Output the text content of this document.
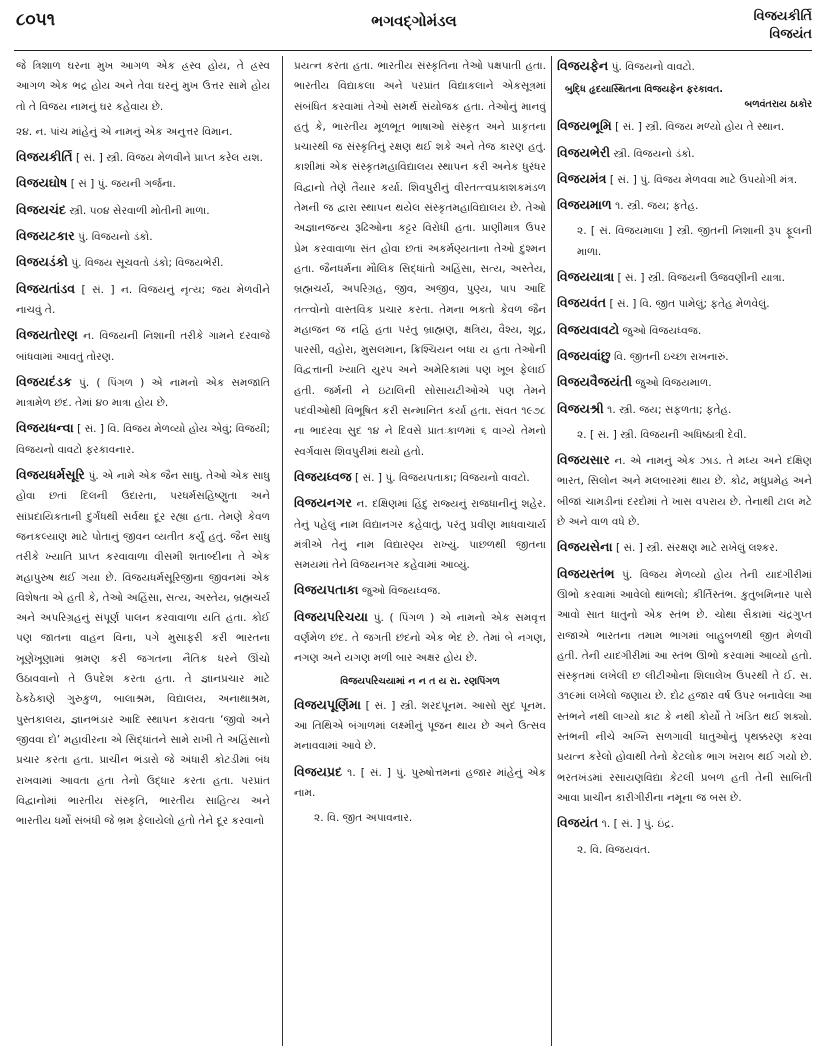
૮૦૫૧	ભગવદ્ગોમંડલ	વિજયકીર્તિ
વિજયંત
જે ત્રિશાળ ઘરના મુખ આગળ એક હ્રસ્વ હોય, તે હ્રસ્વ આગળ એક ભદ્ર હોય અને તેવા ઘરનું મુખ ઉત્તર સામે હોય તો તે વિજય નામનું ઘર કહેવાય છે.
૨૪. ન. પાંચ માંહેનું એ નામનું એક અનુત્તર વિમાન.
વિજયકીર્તિ [ સં. ] સ્ત્રી. વિજય મેળવીને પ્રાપ્ત કરેલ યશ.
વિજયઘોષ [ સં ] પું. જયની ગર્જના.
વિજયચંદ સ્ત્રી. ૫૦૪ સેરવાળી મોતીની માળા.
વિજયટકાર પું. વિજયનો ડંકો.
વિજયડંકો પું. વિજય સૂચવતો ડંકો; વિજયભેરી.
વિજયતાંડવ [ સં. ] ન. વિજયનું નૃત્ય; જય મેળવીને નાચવું તે.
વિજયતોરણ ન. વિજયની નિશાની તરીકે ગામને દરવાજે બાંધવામાં આવતું તોરણ.
વિજયદંડક પું. ( પિંગળ ) એ નામનો એક સમજાતિ માત્રામેળ છંદ. તેમાં ૪૦ માત્રા હોય છે.
વિજયધન્વા [ સં. ] વિ. વિજય મેળવ્યો હોય એવું; વિજયી; વિજયનો વાવટો ફરકાવનાર.
વિજયધર્મસૂરિ પું. એ નામે એક જૈન સાધુ. તેઓ એક સાધુ હોવા છતાં દિલની ઉદારતા, પરધર્મસહિષ્ણુતા અને સાંપ્રદાયિકતાની દુર્ગંધથી સર્વથા દૂર રહ્યા હતા. તેમણે કેવળ જનકલ્યાણ માટે પોતાનું જીવન વ્યતીત કર્યું હતું. જૈન સાધુ તરીકે ખ્યાતિ પ્રાપ્ત કરવાવાળા વીસમી શતાબ્દીના તે એક મહાપુરુષ થઈ ગયા છે. વિજયધર્મસૂરિજીના જીવનમાં એક વિશેષતા એ હતી કે, તેઓ અહિંસા, સત્ય, અસ્તેય, બ્રહ્મચર્ય અને અપરિગ્રહનું સંપૂર્ણ પાલન કરવાવાળા યતિ હતા. કોઈ પણ જાતના વાહન વિના, પગે મુસાફરી કરી ભારતના ખૂણેખૂણામાં ભ્રમણ કરી જગતના નૈતિક ધરને ઊંચો ઉઠાવવાનો તે ઉપદેશ કરતા હતા. તે જ્ઞાનપ્રચાર માટે ઠેકઠેકાણે ગુરુકુળ, બાલાશ્રમ, વિદ્યાલય, અનાથાશ્રમ, પુસ્તકાલય, જ્ઞાનભંડાર આદિ સ્થાપન કરાવતા ‘જીવો અને જીવવા દો’ મહાવીરના એ સિદ્ધાંતને સામે રાખી તે અહિંસાનો પ્રચાર કરતા હતા. પ્રાચીન ભંડારો જે અંધારી કોટડીમાં બંધ રાખવામાં આવતા હતા તેનો ઉદ્ધાર કરતા હતા. પરપ્રાંત વિદ્વાનોમાં ભારતીય સંસ્કૃતિ, ભારતીય સાહિત્ય અને ભારતીય ધર્મો સંબંધી જે ભ્રમ ફેલાયેલો હતો તેને દૂર કરવાનો
પ્રયત્ન કરતા હતા. ભારતીય સંસ્કૃતિના તેઓ પક્ષપાતી હતા. ભારતીય વિદ્યાકલા અને પરપ્રાંત વિદ્યાકલાને એકસૂત્રમાં સંબંધિત કરવામાં તેઓ સમર્થ સંયોજક હતા. તેઓનું માનવું હતું કે, ભારતીય મૂળભૂત ભાષાઓ સંસ્કૃત અને પ્રાકૃતના પ્રચારથી જ સંસ્કૃતિનું રક્ષણ થઈ શકે અને તેજ કારણ હતું. કાશીમાં એક સંસ્કૃતમહાવિદ્યાલય સ્થાપન કરી અનેક ધુરંધર વિદ્વાનો તેણે તૈયાર કર્યા. શિવપુરીનું વીરતત્ત્વપ્રકાશકમંડળ તેમની જ દ્વારા સ્થાપન થયેલ સંસ્કૃતમહાવિદ્યાલય છે. તેઓ અજ્ઞાનજન્ય રૂઢિઓના કટ્ટર વિરોધી હતા. પ્રાણીમાત્ર ઉપર પ્રેમ કરવાવાળા સંત હોવા છતાં અકર્મણ્યતાના તેઓ દુશ્મન હતા. જૈનધર્મના મૌલિક સિદ્ધાંતો અહિંસા, સત્ય, અસ્તેય, બ્રહ્મચર્ય, અપરિગ્રહ, જીવ, અજીવ, પુણ્ય, પાપ આદિ તત્ત્વોનો વાસ્તવિક પ્રચાર કરતા. તેમના ભક્તો કેવળ જૈન મહાજન જ નહિ હતા પરંતુ બ્રાહ્મણ, ક્ષત્રિય, વૈશ્ય, શૂદ્ર, પારસી, વહોરા, મુસલમાન, ક્રિશ્ચિયન બધા ય હતા તેઓની વિદ્વત્તાની ખ્યાતિ યુરપ અને અમેરિકામાં પણ ખૂબ ફેલાઈ હતી. જર્મની ને ઇટાલિની સોસાયટીઓએ પણ તેમને પદવીઓથી વિભૂષિત કરી સન્માનિત કર્યા હતા. સંવત ૧૯૭૮ ના ભાદરવા સુદ ૧૪ ને દિવસે પ્રાતઃકાળમાં ૬ વાગ્યે તેમનો સ્વર્ગવાસ શિવપુરીમાં થયો હતો.
વિજયધ્વજ [ સં. ] પું. વિજયપતાકા; વિજયનો વાવટો.
વિજયનગર ન. દક્ષિણમાં હિંદુ રાજ્યનું રાજધાનીનું શહેર. તેનું પહેલું નામ વિદ્યાનગર કહેવાતું, પરંતુ પ્રવીણ માધવાચાર્ય મંત્રીએ તેનું નામ વિદ્યારણ્ય રાખ્યું. પાછળથી જીતના સમયમાં તેને વિજયનગર કહેવામાં આવ્યું.
વિજયપતાકા જુઓ વિજયધ્વજ.
વિજયપરિચયા પું. ( પિંગળ ) એ નામનો એક સમવૃત્ત વર્ણમેળ છંદ. તે જગતી છંદનો એક ભેદ છે. તેમાં બે નગણ, નગણ અને યગણ મળી બાર અક્ષર હોય છે.
વિજયપરિચયામાં ન ન ત ય રા. રણપિંગળ
વિજયપૂર્ણિમા [ સં. ] સ્ત્રી. શરદપૂનમ. આસો સુદ પૂનમ. આ તિથિએ બંગાળમાં લક્ષ્મીનું પૂજન થાય છે અને ઉત્સવ મનાવવામાં આવે છે.
વિજયપ્રદ ૧. [ સં. ] પું. પુરુષોત્તમનાં હજાર માંહેનું એક નામ.
૨. વિ. જીત અપાવનાર.
વિજયફેન પું. વિજયનો વાવટો.
બુદ્ધિ હૃદયાસ્થિતના વિજયફેન ફરકાવત.
બળવંતરાય ઠાકોર
વિજયભૂમિ [ સં. ] સ્ત્રી. વિજય મળ્યો હોય તે સ્થાન.
વિજયભેરી સ્ત્રી. વિજયનો ડંકો.
વિજયમંત્ર [ સં. ] પું. વિજય મેળવવા માટે ઉપયોગી મંત્ર.
વિજયમાળ ૧. સ્ત્રી. જય; ફતેહ.
૨. [ સં. વિજયમાલા ] સ્ત્રી. જીતની નિશાની રૂપ ફૂલની માળા.
વિજયયાત્રા [ સં. ] સ્ત્રી. વિજયની ઉજવણીની યાત્રા.
વિજયવંત [ સં. ] વિ. જીત પામેલું; ફતેહ મેળવેલું.
વિજયવાવટો જુઓ વિજયધ્વજ.
વિજયવાંછુ વિ. જીતની ઇચ્છા રાખનારું.
વિજયવૈજયંતી જુઓ વિજયમાળ.
વિજયશ્રી ૧. સ્ત્રી. જય; સફળતા; ફતેહ.
૨. [ સં. ] સ્ત્રી. વિજયની અધિષ્ઠાત્રી દેવી.
વિજયસાર ન. એ નામનું એક ઝાડ. તે મધ્ય અને દક્ષિણ ભારત, સિલોન અને મલબારમાં થાય છે. કોઢ, મધુપ્રમેહ અને બીજાં ચામડીનાં દરદોમાં તે ખાસ વપરાય છે. તેનાથી ટાલ મટે છે અને વાળ વધે છે.
વિજયસેના [ સં. ] સ્ત્રી. સંરક્ષણ માટે રાખેલું લશ્કર.
વિજયસ્તંભ પું. વિજય મેળવ્યો હોય તેની યાદગીરીમાં ઊભો કરવામાં આવેલો થાંભલો; કીર્તિસ્તંભ. કુતુબમિનાર પાસે આવો સાત ધાતુનો એક સ્તંભ છે. ચોથા સૈકામાં ચંદ્રગુપ્ત રાજાએ ભારતના તમામ ભાગમાં બાહુબળથી જીત મેળવી હતી. તેની યાદગીરીમાં આ સ્તંભ ઊભો કરવામાં આવ્યો હતો. સંસ્કૃતમાં લખેલી છ લીટીઓના શિલાલેખ ઉપરથી તે ઈ. સ. ૩૧૯માં લખેલો જણાય છે. દોઢ હજાર વર્ષ ઉપર બનાવેલા આ સ્તંભને નથી લાગ્યો કાટ કે નથી કોર્યો તે ખંડિત થઈ શક્યો. સ્તંભની નીચે અગ્નિ સળગાવી ધાતુઓનું પૃથક્કરણ કરવા પ્રયત્ન કરેલો હોવાથી તેનો કેટલોક ભાગ ખરાબ થઈ ગયો છે. ભરતખંડમાં રસાયણવિદ્યા કેટલી પ્રબળ હતી તેની સાબિતી આવા પ્રાચીન કારીગીરીના નમૂના જ બસ છે.
વિજયંત ૧. [ સં. ] પું. ઇંદ્ર.
૨. વિ. વિજયવંત.
